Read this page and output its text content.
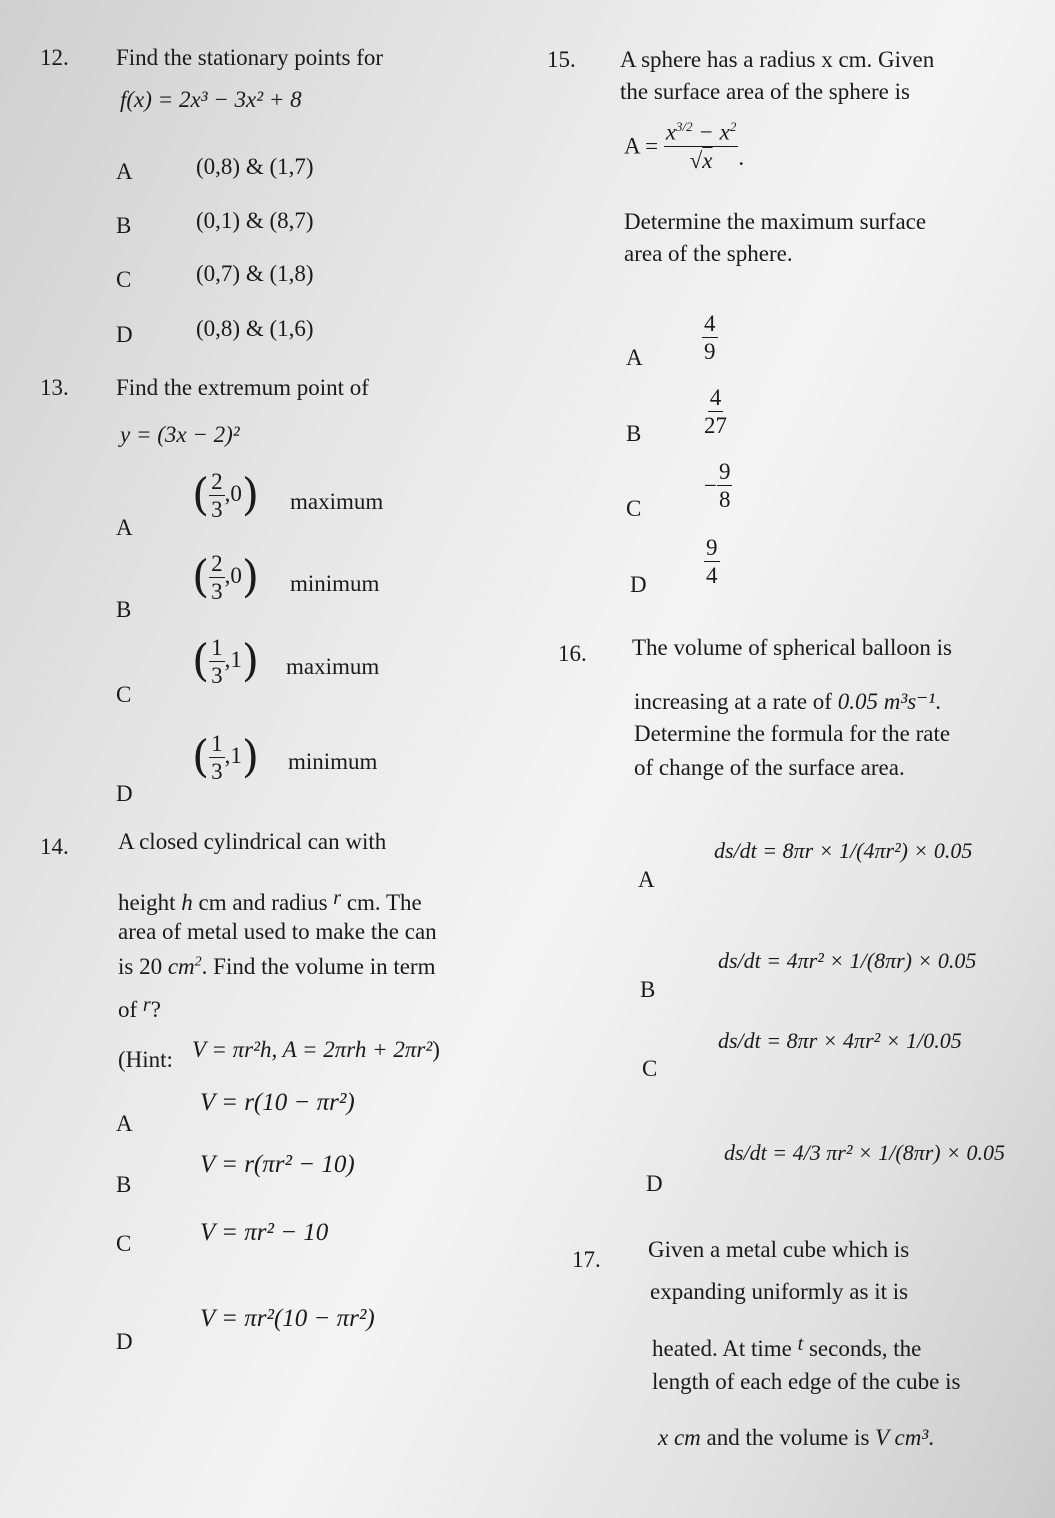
12. Find the stationary points for
f(x) = 2x³ − 3x² + 8
A	(0,8) & (1,7)
B	(0,1) & (8,7)
C	(0,7) & (1,8)
D	(0,8) & (1,6)
13. Find the extremum point of
y = (3x − 2)²
A
( $\frac{2}{3} ,0$) maximum
B
( $\frac{2}{3} ,0$) minimum
C
( $\frac{1}{3} ,1$) maximum
D
( $\frac{1}{3} ,1$) minimum
14. A closed cylindrical can with
height h cm and radius r cm. The
area of metal used to make the can
is 20 $cm^2$. Find the volume in term
of r?
(Hint: V = πr²h, A = 2πrh + 2πr²)
A
V = r(10 − πr²)
B
V = r(πr² − 10)
C	V = πr² − 10
D
V = πr²(10 − πr²)
15. A sphere has a radius x cm. Given
the surface area of the sphere is
$A = \frac{x^{3/2} - x^2}{√x}$ .
Determine the maximum surface
area of the sphere.
A	$\frac{4}{9}$
B	$\frac{4}{27}$
C
− $\frac{9}{8}$
D $\frac{9}{4}$
16. The volume of spherical balloon is
increasing at a rate of 0.05 m³s⁻¹.
Determine the formula for the rate
of change of the surface area.
A
ds/dt = 8πr × 1/(4πr²) × 0.05
B
ds/dt = 4πr² × 1/(8πr) × 0.05
C
ds/dt = 8πr × 4πr² × 1/0.05
D
ds/dt = 4/3 πr² × 1/(8πr) × 0.05
17. Given a metal cube which is
expanding uniformly as it is
heated. At time t seconds, the
length of each edge of the cube is
x cm and the volume is V cm³.
